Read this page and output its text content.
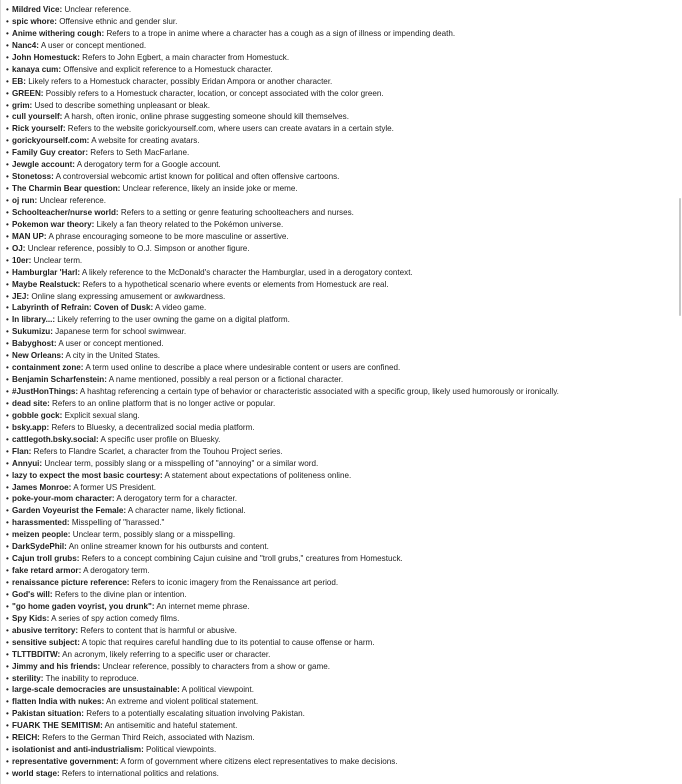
• Mildred Vice: Unclear reference.
• spic whore: Offensive ethnic and gender slur.
• Anime withering cough: Refers to a trope in anime where a character has a cough as a sign of illness or impending death.
• Nanc4: A user or concept mentioned.
• John Homestuck: Refers to John Egbert, a main character from Homestuck.
• kanaya cum: Offensive and explicit reference to a Homestuck character.
• EB: Likely refers to a Homestuck character, possibly Eridan Ampora or another character.
• GREEN: Possibly refers to a Homestuck character, location, or concept associated with the color green.
• grim: Used to describe something unpleasant or bleak.
• cull yourself: A harsh, often ironic, online phrase suggesting someone should kill themselves.
• Rick yourself: Refers to the website gorickyourself.com, where users can create avatars in a certain style.
• gorickyourself.com: A website for creating avatars.
• Family Guy creator: Refers to Seth MacFarlane.
• Jewgle account: A derogatory term for a Google account.
• Stonetoss: A controversial webcomic artist known for political and often offensive cartoons.
• The Charmin Bear question: Unclear reference, likely an inside joke or meme.
• oj run: Unclear reference.
• Schoolteacher/nurse world: Refers to a setting or genre featuring schoolteachers and nurses.
• Pokemon war theory: Likely a fan theory related to the Pokémon universe.
• MAN UP: A phrase encouraging someone to be more masculine or assertive.
• OJ: Unclear reference, possibly to O.J. Simpson or another figure.
• 10er: Unclear term.
• Hamburglar 'Harl: A likely reference to the McDonald's character the Hamburglar, used in a derogatory context.
• Maybe Realstuck: Refers to a hypothetical scenario where events or elements from Homestuck are real.
• JEJ: Online slang expressing amusement or awkwardness.
• Labyrinth of Refrain: Coven of Dusk: A video game.
• In library...: Likely referring to the user owning the game on a digital platform.
• Sukumizu: Japanese term for school swimwear.
• Babyghost: A user or concept mentioned.
• New Orleans: A city in the United States.
• containment zone: A term used online to describe a place where undesirable content or users are confined.
• Benjamin Scharfenstein: A name mentioned, possibly a real person or a fictional character.
• #JustHonThings: A hashtag referencing a certain type of behavior or characteristic associated with a specific group, likely used humorously or ironically.
• dead site: Refers to an online platform that is no longer active or popular.
• gobble gock: Explicit sexual slang.
• bsky.app: Refers to Bluesky, a decentralized social media platform.
• cattlegoth.bsky.social: A specific user profile on Bluesky.
• Flan: Refers to Flandre Scarlet, a character from the Touhou Project series.
• Annyui: Unclear term, possibly slang or a misspelling of "annoying" or a similar word.
• lazy to expect the most basic courtesy: A statement about expectations of politeness online.
• James Monroe: A former US President.
• poke-your-mom character: A derogatory term for a character.
• Garden Voyeurist the Female: A character name, likely fictional.
• harassmented: Misspelling of "harassed."
• meizen people: Unclear term, possibly slang or a misspelling.
• DarkSydePhil: An online streamer known for his outbursts and content.
• Cajun troll grubs: Refers to a concept combining Cajun cuisine and "troll grubs," creatures from Homestuck.
• fake retard armor: A derogatory term.
• renaissance picture reference: Refers to iconic imagery from the Renaissance art period.
• God's will: Refers to the divine plan or intention.
• "go home gaden voyrist, you drunk": An internet meme phrase.
• Spy Kids: A series of spy action comedy films.
• abusive territory: Refers to content that is harmful or abusive.
• sensitive subject: A topic that requires careful handling due to its potential to cause offense or harm.
• TLTTBDITW: An acronym, likely referring to a specific user or character.
• Jimmy and his friends: Unclear reference, possibly to characters from a show or game.
• sterility: The inability to reproduce.
• large-scale democracies are unsustainable: A political viewpoint.
• flatten India with nukes: An extreme and violent political statement.
• Pakistan situation: Refers to a potentially escalating situation involving Pakistan.
• FUARK THE SEMITISM: An antisemitic and hateful statement.
• REICH: Refers to the German Third Reich, associated with Nazism.
• isolationist and anti-industrialism: Political viewpoints.
• representative government: A form of government where citizens elect representatives to make decisions.
• world stage: Refers to international politics and relations.
